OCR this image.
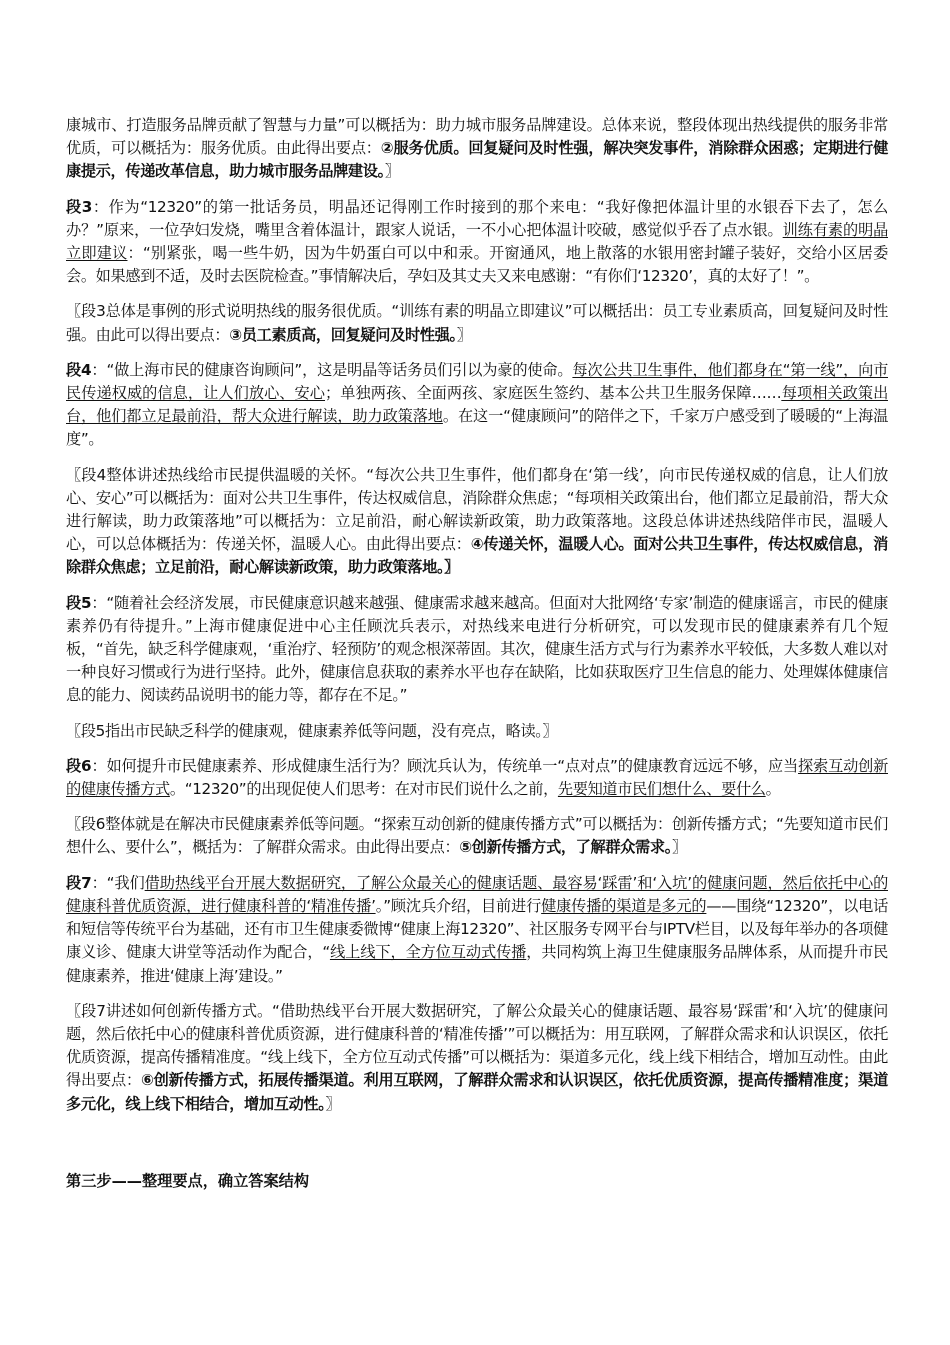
康城市、打造服务品牌贡献了智慧与力量”可以概括为：助力城市服务品牌建设。总体来说，整段体现出热线提供的服务非常优质，可以概括为：服务优质。由此得出要点：②服务优质。回复疑问及时性强，解决突发事件，消除群众困惑；定期进行健康提示，传递改革信息，助力城市服务品牌建设。〗

段3：作为“12320”的第一批话务员，明晶还记得刚工作时接到的那个来电：“我好像把体温计里的水银吞下去了，怎么办？”原来，一位孕妇发烧，嘴里含着体温计，跟家人说话，一不小心把体温计咬破，感觉似乎吞了点水银。训练有素的明晶立即建议：“别紧张，喝一些牛奶，因为牛奶蛋白可以中和汞。开窗通风，地上散落的水银用密封罐子装好，交给小区居委会。如果感到不适，及时去医院检查。”事情解决后，孕妇及其丈夫又来电感谢：“有你们‘12320’，真的太好了！”。

〖段3总体是事例的形式说明热线的服务很优质。“训练有素的明晶立即建议”可以概括出：员工专业素质高，回复疑问及时性强。由此可以得出要点：③员工素质高，回复疑问及时性强。〗

段4：“做上海市民的健康咨询顾问”，这是明晶等话务员们引以为豪的使命。每次公共卫生事件，他们都身在“第一线”，向市民传递权威的信息，让人们放心、安心；单独两孩、全面两孩、家庭医生签约、基本公共卫生服务保障……每项相关政策出台，他们都立足最前沿，帮大众进行解读，助力政策落地。在这一“健康顾问”的陪伴之下，千家万户感受到了暖暖的“上海温度”。

〖段4整体讲述热线给市民提供温暖的关怀。“每次公共卫生事件，他们都身在‘第一线’，向市民传递权威的信息，让人们放心、安心”可以概括为：面对公共卫生事件，传达权威信息，消除群众焦虑；“每项相关政策出台，他们都立足最前沿，帮大众进行解读，助力政策落地”可以概括为：立足前沿，耐心解读新政策，助力政策落地。这段总体讲述热线陪伴市民，温暖人心，可以总体概括为：传递关怀，温暖人心。由此得出要点：④传递关怀，温暖人心。面对公共卫生事件，传达权威信息，消除群众焦虑；立足前沿，耐心解读新政策，助力政策落地。〗

段5：“随着社会经济发展，市民健康意识越来越强、健康需求越来越高。但面对大批网络‘专家’制造的健康谣言，市民的健康素养仍有待提升。”上海市健康促进中心主任顾沈兵表示，对热线来电进行分析研究，可以发现市民的健康素养有几个短板，“首先，缺乏科学健康观，‘重治疗、轻预防’的观念根深蒂固。其次，健康生活方式与行为素养水平较低，大多数人难以对一种良好习惯或行为进行坚持。此外，健康信息获取的素养水平也存在缺陷，比如获取医疗卫生信息的能力、处理媒体健康信息的能力、阅读药品说明书的能力等，都存在不足。”

〖段5指出市民缺乏科学的健康观，健康素养低等问题，没有亮点，略读。〗

段6：如何提升市民健康素养、形成健康生活行为？顾沈兵认为，传统单一“点对点”的健康教育远远不够，应当探索互动创新的健康传播方式。“12320”的出现促使人们思考：在对市民们说什么之前，先要知道市民们想什么、要什么。

〖段6整体就是在解决市民健康素养低等问题。“探索互动创新的健康传播方式”可以概括为：创新传播方式；“先要知道市民们想什么、要什么”，概括为：了解群众需求。由此得出要点：⑤创新传播方式，了解群众需求。〗

段7：“我们借助热线平台开展大数据研究，了解公众最关心的健康话题、最容易‘踩雷’和‘入坑’的健康问题，然后依托中心的健康科普优质资源，进行健康科普的‘精准传播’。”顾沈兵介绍，目前进行健康传播的渠道是多元的——围绕“12320”，以电话和短信等传统平台为基础，还有市卫生健康委微博“健康上海12320”、社区服务专网平台与IPTV栏目，以及每年举办的各项健康义诊、健康大讲堂等活动作为配合，“线上线下，全方位互动式传播，共同构筑上海卫生健康服务品牌体系，从而提升市民健康素养，推进‘健康上海’建设。”

〖段7讲述如何创新传播方式。“借助热线平台开展大数据研究，了解公众最关心的健康话题、最容易‘踩雷’和‘入坑’的健康问题，然后依托中心的健康科普优质资源，进行健康科普的‘精准传播’”可以概括为：用互联网，了解群众需求和认识误区，依托优质资源，提高传播精准度。“线上线下，全方位互动式传播”可以概括为：渠道多元化，线上线下相结合，增加互动性。由此得出要点：⑥创新传播方式，拓展传播渠道。利用互联网，了解群众需求和认识误区，依托优质资源，提高传播精准度；渠道多元化，线上线下相结合，增加互动性。〗

第三步——整理要点，确立答案结构
